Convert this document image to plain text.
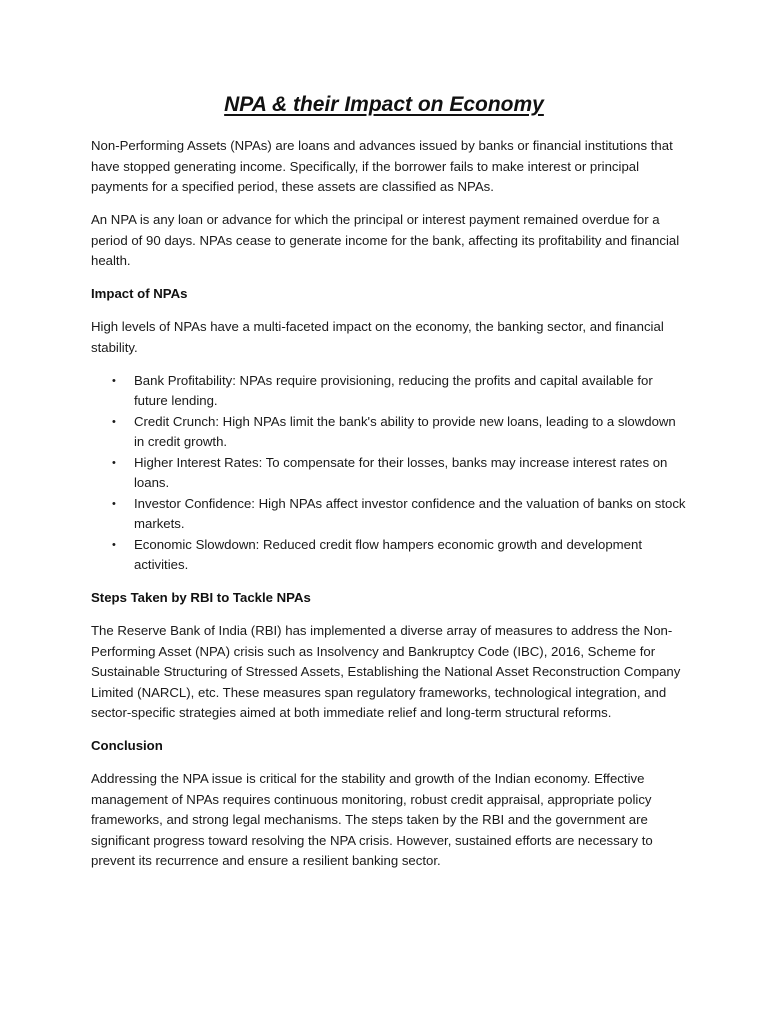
NPA & their Impact on Economy

Non-Performing Assets (NPAs) are loans and advances issued by banks or financial institutions that have stopped generating income. Specifically, if the borrower fails to make interest or principal payments for a specified period, these assets are classified as NPAs.

An NPA is any loan or advance for which the principal or interest payment remained overdue for a period of 90 days. NPAs cease to generate income for the bank, affecting its profitability and financial health.

Impact of NPAs

High levels of NPAs have a multi-faceted impact on the economy, the banking sector, and financial stability.

• Bank Profitability: NPAs require provisioning, reducing the profits and capital available for future lending.
• Credit Crunch: High NPAs limit the bank's ability to provide new loans, leading to a slowdown in credit growth.
• Higher Interest Rates: To compensate for their losses, banks may increase interest rates on loans.
• Investor Confidence: High NPAs affect investor confidence and the valuation of banks on stock markets.
• Economic Slowdown: Reduced credit flow hampers economic growth and development activities.
Steps Taken by RBI to Tackle NPAs

The Reserve Bank of India (RBI) has implemented a diverse array of measures to address the Non-Performing Asset (NPA) crisis such as Insolvency and Bankruptcy Code (IBC), 2016, Scheme for Sustainable Structuring of Stressed Assets, Establishing the National Asset Reconstruction Company Limited (NARCL), etc. These measures span regulatory frameworks, technological integration, and sector-specific strategies aimed at both immediate relief and long-term structural reforms.

Conclusion

Addressing the NPA issue is critical for the stability and growth of the Indian economy. Effective management of NPAs requires continuous monitoring, robust credit appraisal, appropriate policy frameworks, and strong legal mechanisms. The steps taken by the RBI and the government are significant progress toward resolving the NPA crisis. However, sustained efforts are necessary to prevent its recurrence and ensure a resilient banking sector.
